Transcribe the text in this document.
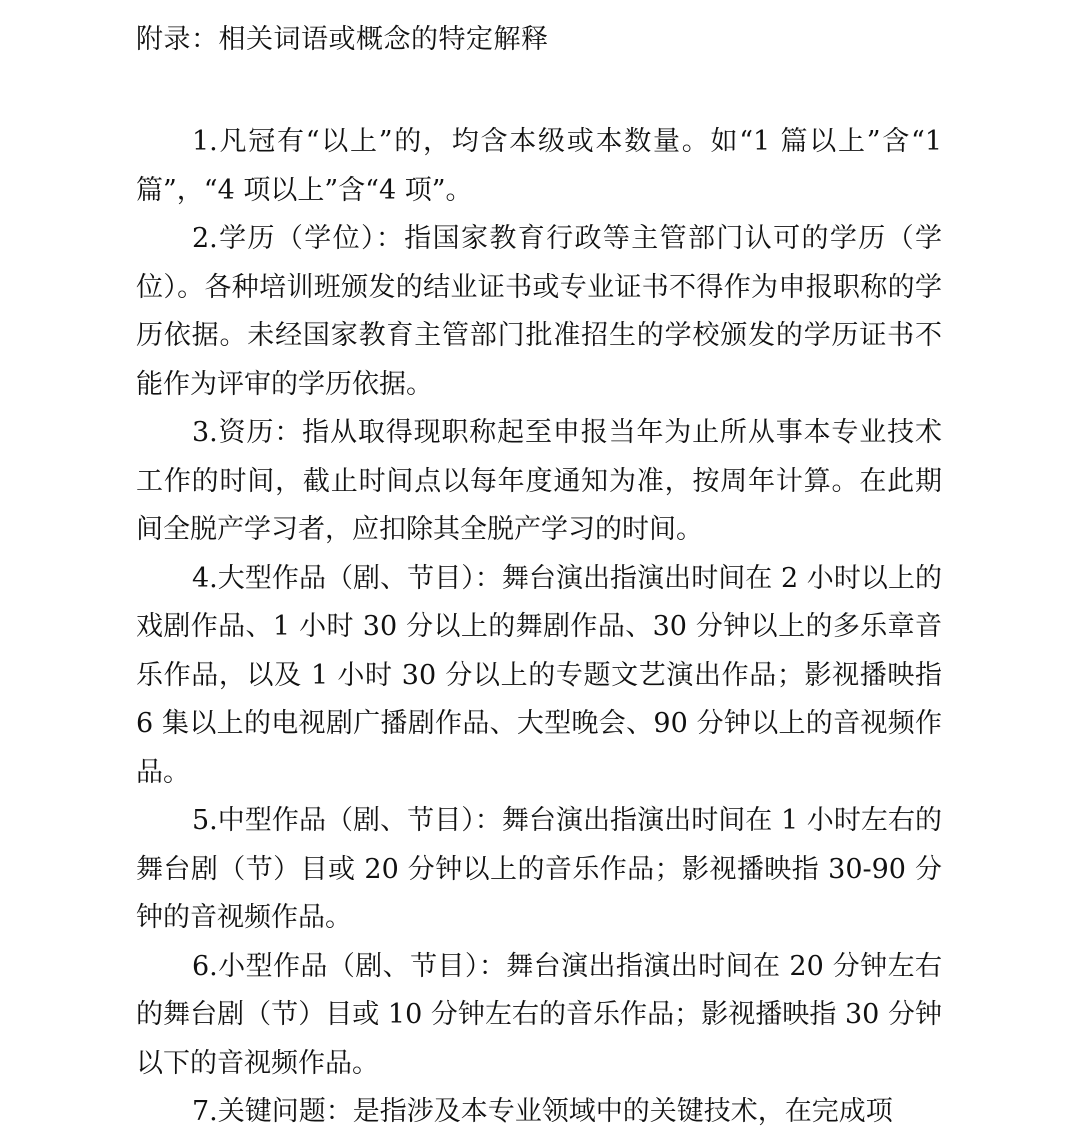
附录：相关词语或概念的特定解释

1.凡冠有“以上”的，均含本级或本数量。如“1 篇以上”含“1 篇”，“4 项以上”含“4 项”。

2.学历（学位）：指国家教育行政等主管部门认可的学历（学位）。各种培训班颁发的结业证书或专业证书不得作为申报职称的学历依据。未经国家教育主管部门批准招生的学校颁发的学历证书不能作为评审的学历依据。

3.资历：指从取得现职称起至申报当年为止所从事本专业技术工作的时间，截止时间点以每年度通知为准，按周年计算。在此期间全脱产学习者，应扣除其全脱产学习的时间。

4.大型作品（剧、节目）：舞台演出指演出时间在 2 小时以上的戏剧作品、1 小时 30 分以上的舞剧作品、30 分钟以上的多乐章音乐作品，以及 1 小时 30 分以上的专题文艺演出作品；影视播映指 6 集以上的电视剧广播剧作品、大型晚会、90 分钟以上的音视频作品。

5.中型作品（剧、节目）：舞台演出指演出时间在 1 小时左右的舞台剧（节）目或 20 分钟以上的音乐作品；影视播映指 30-90 分钟的音视频作品。

6.小型作品（剧、节目）：舞台演出指演出时间在 20 分钟左右的舞台剧（节）目或 10 分钟左右的音乐作品；影视播映指 30 分钟以下的音视频作品。

7.关键问题：是指涉及本专业领域中的关键技术，在完成项
